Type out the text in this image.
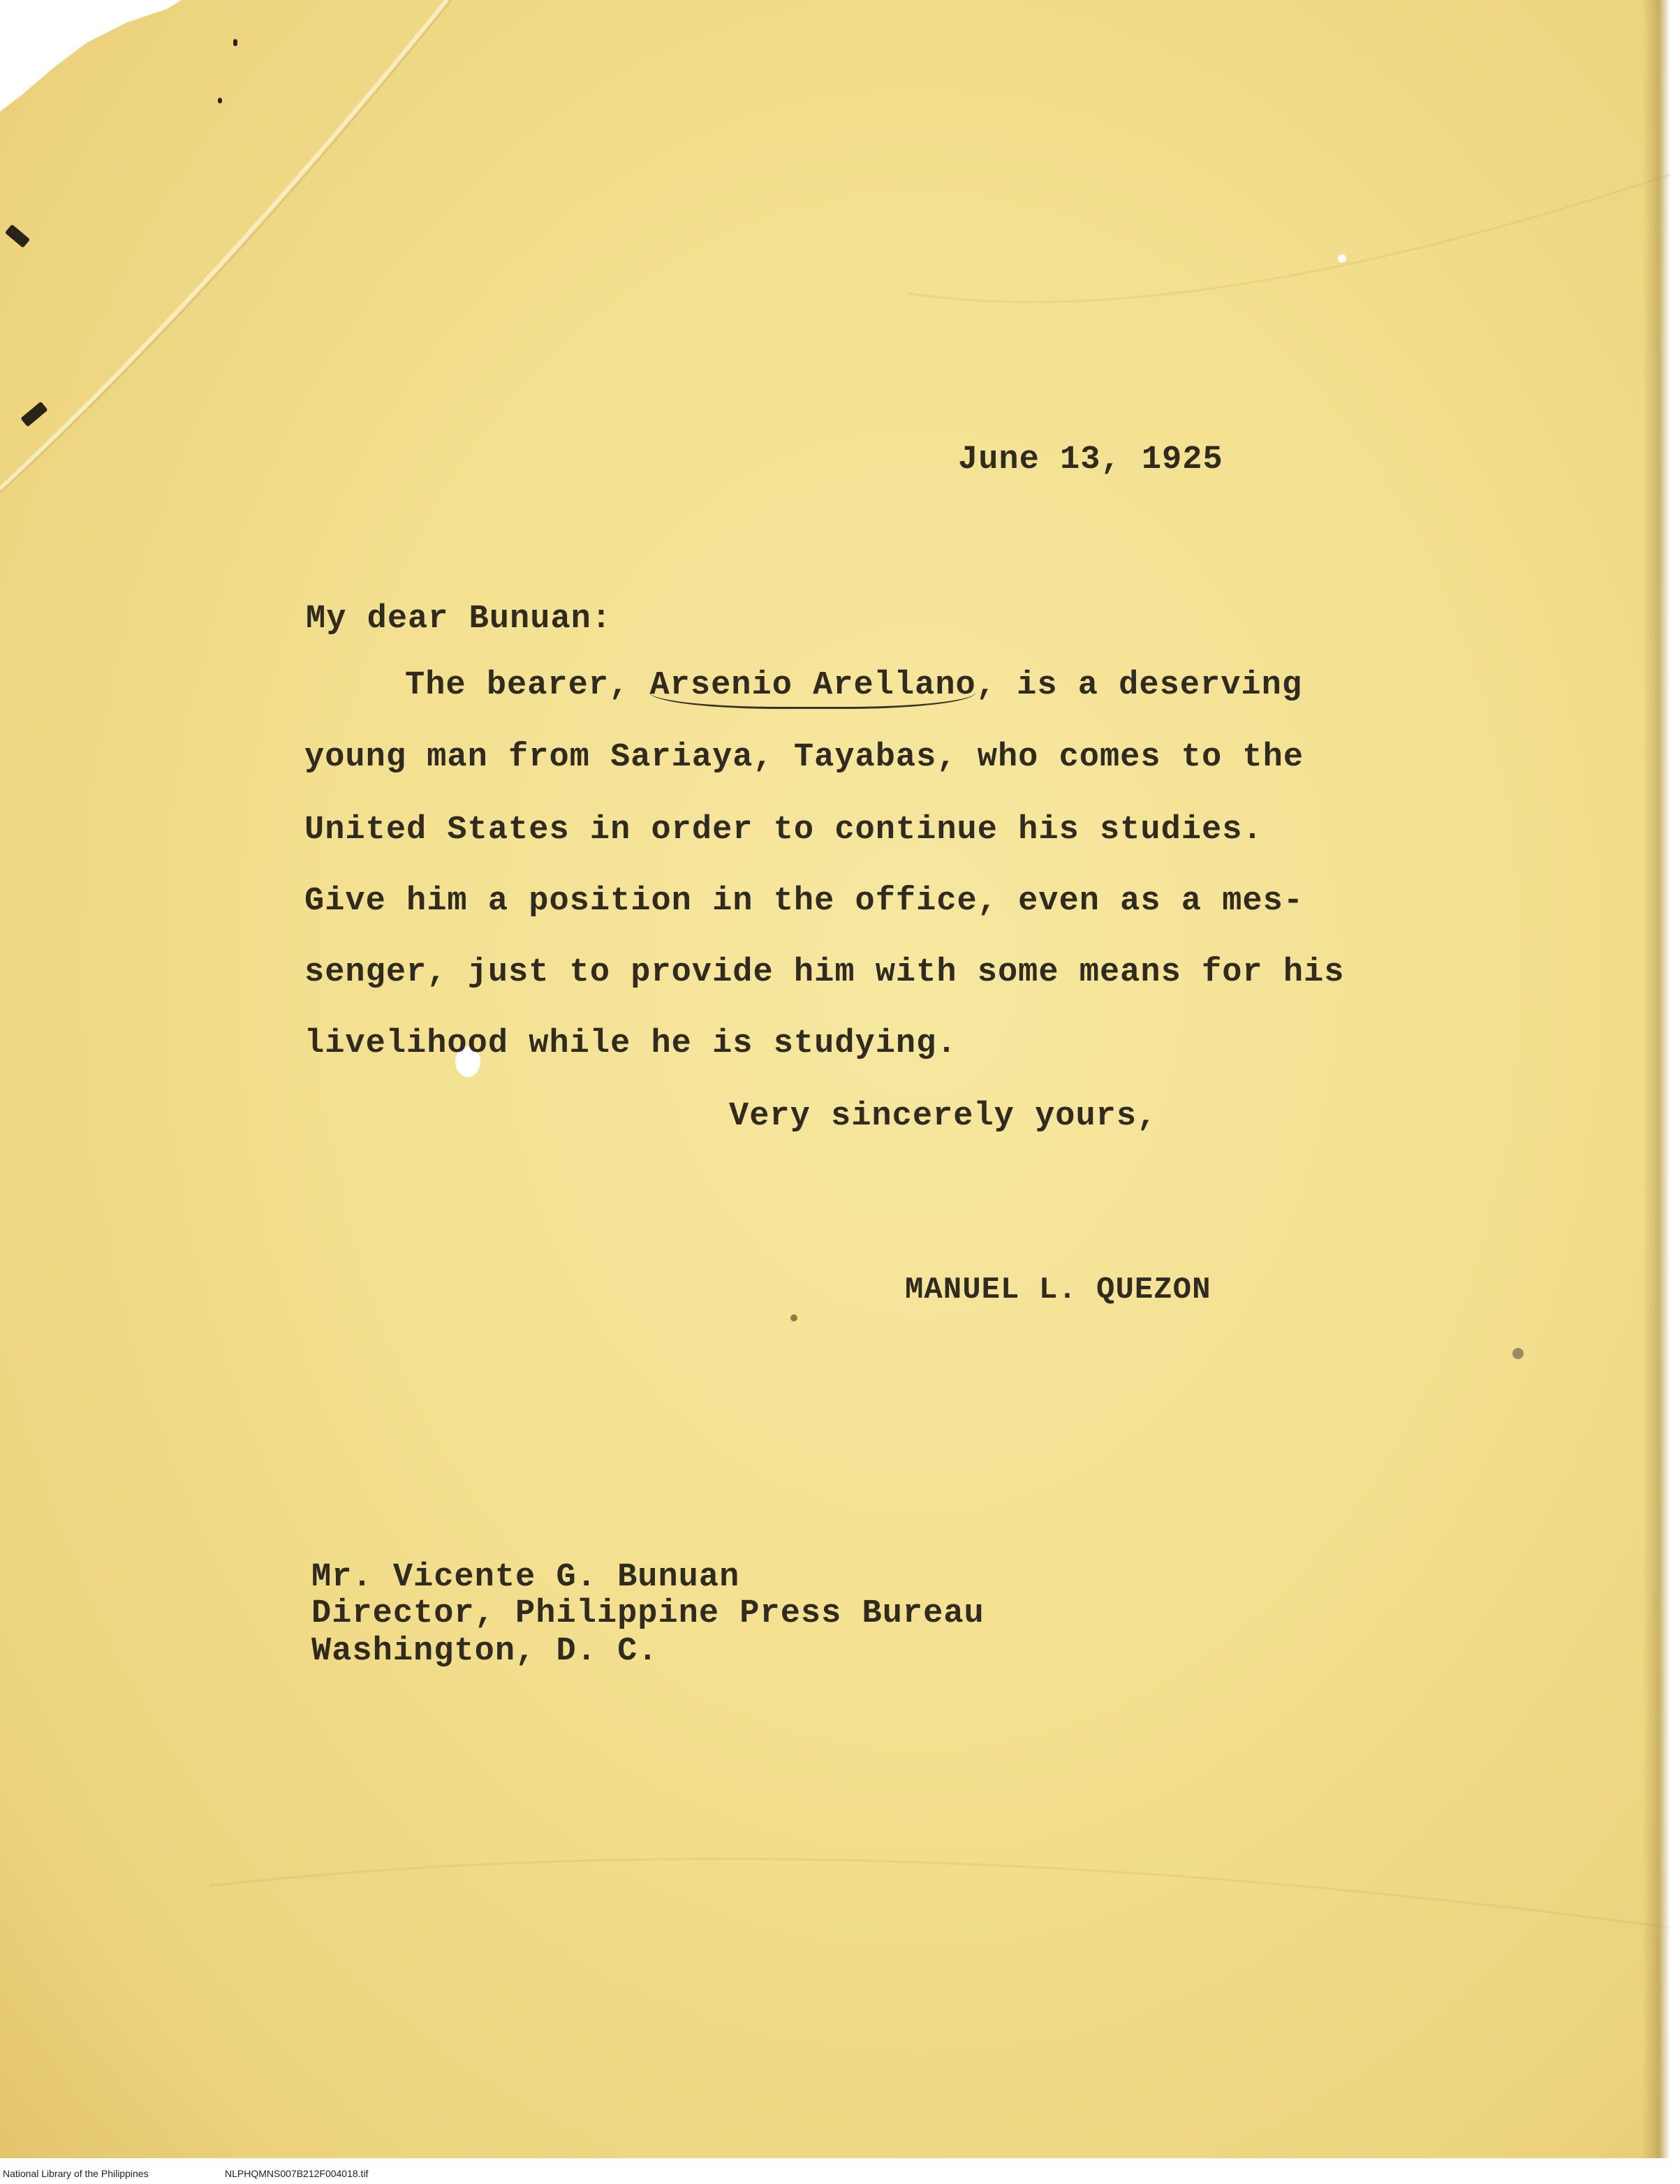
June 13, 1925
My dear Bunuan:
The bearer, Arsenio Arellano, is a deserving
young man from Sariaya, Tayabas, who comes to the
United States in order to continue his studies.
Give him a position in the office, even as a mes-
senger, just to provide him with some means for his
livelihood while he is studying.
Very sincerely yours,
MANUEL L. QUEZON
Mr. Vicente G. Bunuan
Director, Philippine Press Bureau
Washington, D. C.
National Library of the Philippines	NLPHQMNS007B212F004018.tif
